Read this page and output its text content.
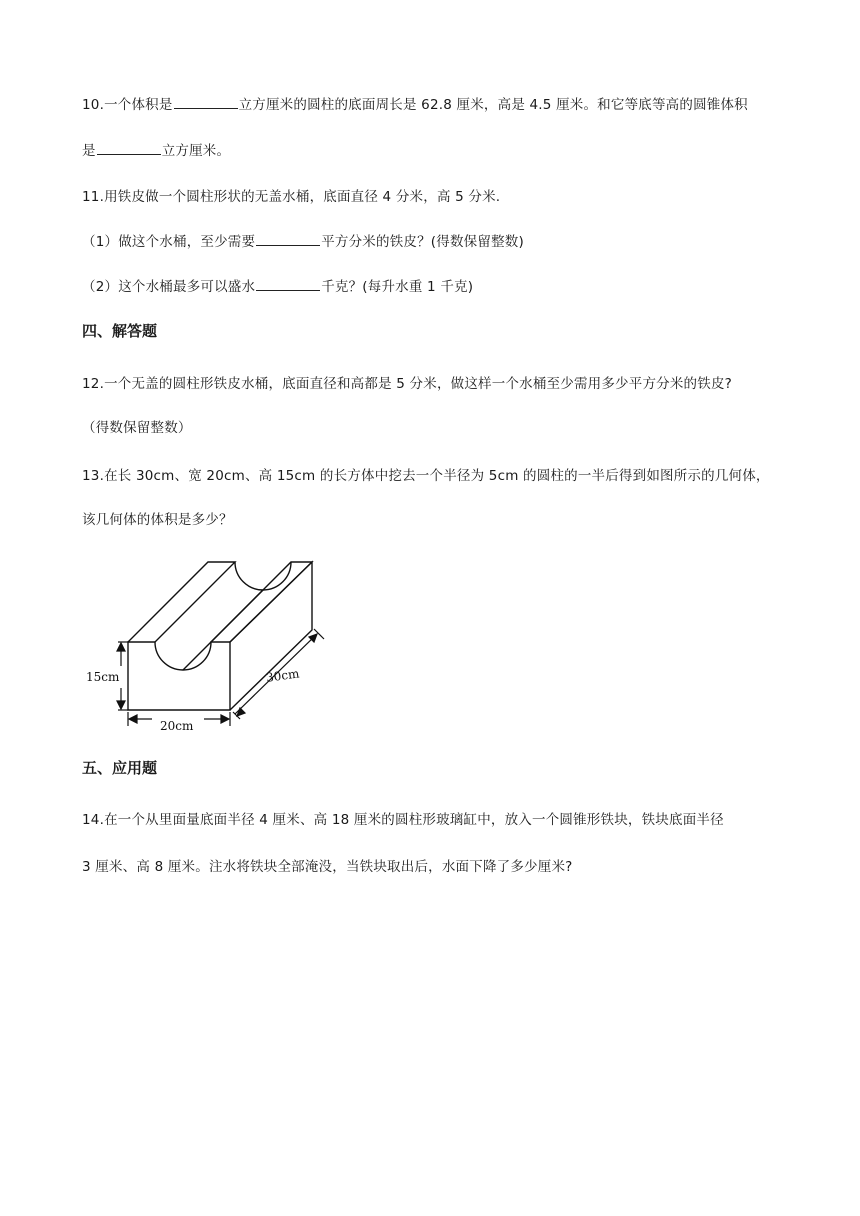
10.一个体积是	立方厘米的圆柱的底面周长是 62.8 厘米，高是 4.5 厘米。和它等底等高的圆锥体积
是	立方厘米。
11.用铁皮做一个圆柱形状的无盖水桶，底面直径 4 分米，高 5 分米.
（1）做这个水桶，至少需要	平方分米的铁皮？(得数保留整数)
（2）这个水桶最多可以盛水	千克？(每升水重 1 千克)
四、解答题
12.一个无盖的圆柱形铁皮水桶，底面直径和高都是 5 分米，做这样一个水桶至少需用多少平方分米的铁皮?
（得数保留整数）
13.在长 30cm、宽 20cm、高 15cm 的长方体中挖去一个半径为 5cm 的圆柱的一半后得到如图所示的几何体，
该几何体的体积是多少？
15cm
20cm
30cm
五、应用题
14.在一个从里面量底面半径 4 厘米、高 18 厘米的圆柱形玻璃缸中，放入一个圆锥形铁块，铁块底面半径
3 厘米、高 8 厘米。注水将铁块全部淹没，当铁块取出后，水面下降了多少厘米?
